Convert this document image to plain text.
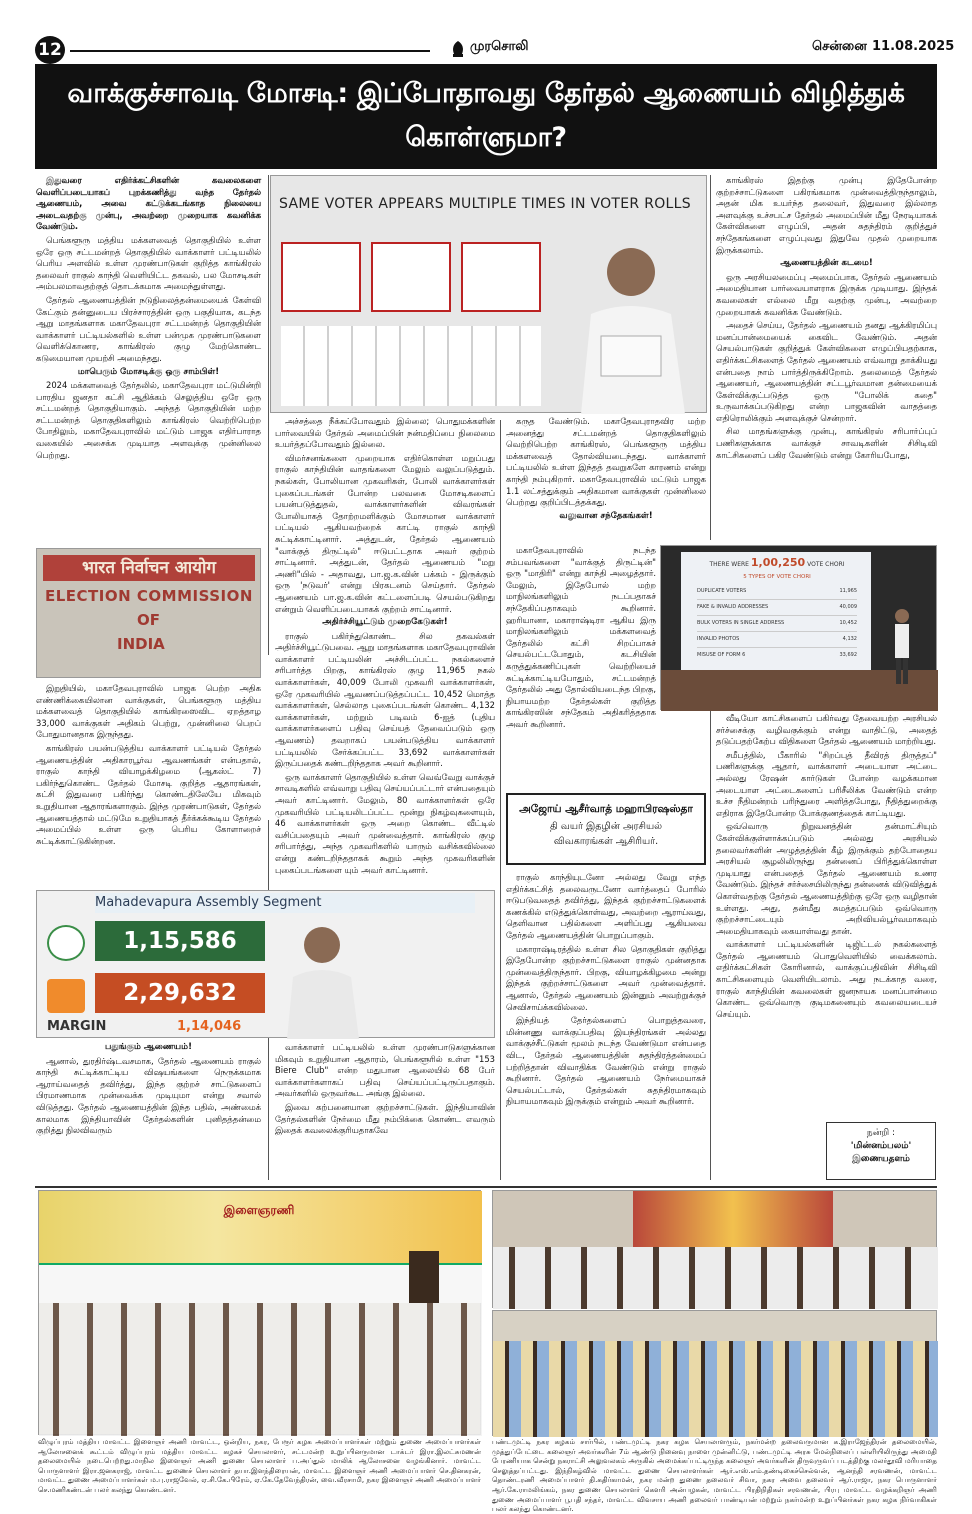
12	முரசொலி	சென்னை 11.08.2025
வாக்குச்சாவடி மோசடி: இப்போதாவது தேர்தல் ஆணையம் விழித்துக் கொள்ளுமா?

இதுவரை எதிர்க்கட்சிகளின் கவலைகளை வெளிப்படையாகப் புறக்கணித்து வந்த தேர்தல் ஆணையம், அவை கட்டுக்கடங்காத நிலையை அடைவதற்கு முன்பு, அவற்றை முறையாக கவனிக்க வேண்டும்.

பெங்களூரு மத்திய மக்களவைத் தொகுதியில் உள்ள ஒரே ஒரு சட்டமன்றத் தொகுதியில் வாக்காளர் பட்டியலில் பெரிய அளவில் உள்ள முரண்பாடுகள் குறித்த காங்கிரஸ் தலைவர் ராகுல் காந்தி வெளியிட்ட தகவல், பல மோசடிகள் அம்பலமாவதற்குத் தொடக்கமாக அமைந்துள்ளது.

தேர்தல் ஆணையத்தின் நடுநிலைத்தன்மையைக் கேள்வி கேட்கும் தன்னுடைய பிரச்சாரத்தின் ஒரு பகுதியாக, கடந்த ஆறு மாதங்களாக மகாதேவபுரா சட்டமன்றத் தொகுதியின் வாக்காளர் பட்டியல்களில் உள்ள பன்முக முரண்பாடுகளை வெளிக்கொணர, காங்கிரஸ் குழு மேற்கொண்ட கடுமையான முயற்சி அமைந்தது.

மாபெரும் மோசடிக்கு ஒரு சாம்பிள்!

2024 மக்களவைத் தேர்தலில், மகாதேவபுரா மட்டுமின்றி பாரதிய ஜனதா கட்சி ஆதிக்கம் செலுத்திய ஒரே ஒரு சட்டமன்றத் தொகுதியாகும். அந்தத் தொகுதியின் மற்ற சட்டமன்றத் தொகுதிகளிலும் காங்கிரஸ் வெற்றிபெற்ற போதிலும், மகாதேவபுராவில் மட்டும் பாஜக எதிர்பாராத வகையில் அசைக்க முடியாத அளவுக்கு முன்னிலை பெற்றது.

भारत निर्वाचन आयोग
ELECTION COMMISSION
OF
INDIA

இறுதியில், மகாதேவபுராவில் பாஜக பெற்ற அதிக எண்ணிக்கையிலான வாக்குகள், பெங்களூரு மத்திய மக்களவைத் தொகுதியில் காங்கிரஸைவிட ஏறத்தாழ 33,000 வாக்குகள் அதிகம் பெற்று, முன்னிலை பெறப் போதுமானதாக இருந்தது.

காங்கிரஸ் பயன்படுத்திய வாக்காளர் பட்டியல் தேர்தல் ஆணையத்தின் அதிகாரபூர்வ ஆவணங்கள் என்பதால், ராகுல் காந்தி வியாழக்கிழமை (ஆகஸ்ட் 7) பகிர்ந்துகொண்ட தேர்தல் மோசடி குறித்த ஆதாரங்கள், கட்சி இதுவரை பகிர்ந்து கொண்டதிலேயே மிகவும் உறுதியான ஆதாரங்களாகும். இந்த முரண்பாடுகள், தேர்தல் ஆணையத்தால் மட்டுமே உறுதியாகத் தீர்க்கக்கூடிய தேர்தல் அமைப்பில் உள்ள ஒரு பெரிய கோளாறைச் சுட்டிக்காட்டுகின்றன.

Mahadevapura Assembly Segment
1,15,586
2,29,632
MARGIN	1,14,046

பதுங்கும் ஆணையம்!

ஆனால், துரதிர்ஷ்டவசமாக, தேர்தல் ஆணையம் ராகுல் காந்தி சுட்டிக்காட்டிய விஷயங்களை நெருக்கமாக ஆராய்வதைத் தவிர்த்து, இந்த குற்றச் சாட்டுகளைப் பிரமாணமாக முன்வைக்க முடியுமா என்று சவால் விடுத்தது. தேர்தல் ஆணையத்தின் இந்த பதில், அண்மைக் காலமாக இந்தியாவின் தேர்தல்களின் புனிதத்தன்மை குறித்து நிலவிவரும்

SAME VOTER APPEARS MULTIPLE TIMES IN VOTER ROLLS

அச்சத்தை நீக்கப்போவதும் இல்லை; பொதுமக்களின் பார்வையில் தேர்தல் அமைப்பின் நன்மதிப்பை நிலைமை உயர்த்தப்போவதும் இல்லை.

விமர்சனங்களை முறையாக எதிர்கொள்ள மறுப்பது ராகுல் காந்தியின் வாதங்களை மேலும் வலுப்படுத்தும். நகல்கள், போலியான முகவரிகள், போலி வாக்காளர்கள் புகைப்படங்கள் போன்ற பலவகை மோசடிகளைப் பயன்படுத்துதல், வாக்காளர்களின் விவரங்கள் போலியாகத் தோற்றமளிக்கும் மோசமான வாக்காளர் பட்டியல் ஆகியவற்றைக் காட்டி ராகுல் காந்தி சுட்டிக்காட்டினார். அத்துடன், தேர்தல் ஆணையம் "வாக்குத் திருட்டில்" ஈடுபட்டதாக அவர் குற்றம் சாட்டினார். அத்துடன், தேர்தல் ஆணையம் "மறு அணி"யில் - அதாவது, பா.ஜ.க.வின் பக்கம் - இருக்கும் ஒரு 'நடுவர்' என்று பிரகடனம் செய்தார். தேர்தல் ஆணையம் பா.ஜ.க.வின் கட்டளைப்படி செயல்படுகிறது என்றும் வெளிப்படையாகக் குற்றம் சாட்டினார்.

அதிர்ச்சியூட்டும் முறைகேடுகள்!

ராகுல் பகிர்ந்துகொண்ட சில தகவல்கள் அதிர்ச்சியூட்டுபவை. ஆறு மாதங்களாக மகாதேவபுராவின் வாக்காளர் பட்டியலின் அச்சிடப்பட்ட நகல்களைச் சரிபார்த்த பிறகு, காங்கிரஸ் குழு 11,965 நகல் வாக்காளர்கள், 40,009 போலி முகவரி வாக்காளர்கள், ஒரே முகவரியில் ஆவணப்படுத்தப்பட்ட 10,452 மொத்த வாக்காளர்கள், செல்லாத புகைப்படங்கள் கொண்ட 4,132 வாக்காளர்கள், மற்றும் படிவம் 6-ஐத் (புதிய வாக்காளர்களைப் பதிவு செய்யத் தேவைப்படும் ஒரு ஆவணம்) தவறாகப் பயன்படுத்திய வாக்காளர் பட்டியலில் சேர்க்கப்பட்ட 33,692 வாக்காளர்கள் இருப்பதைக் கண்டறிந்ததாக அவர் கூறினார்.

ஒரு வாக்காளர் தொகுதியில் உள்ள வெவ்வேறு வாக்குச் சாவடிகளில் எவ்வாறு பதிவு செய்யப்பட்டார் என்பதையும் அவர் காட்டினார். மேலும், 80 வாக்காளர்கள் ஒரே முகவரியில் பட்டியலிடப்பட்ட மூன்று நிகழ்வுகளையும், 46 வாக்காளர்கள் ஒரு அறை கொண்ட வீட்டில் வசிப்பதையும் அவர் முன்வைத்தார். காங்கிரஸ் குழு சரிபார்த்து, அந்த முகவரிகளில் யாரும் வசிக்கவில்லை என்று கண்டறிந்ததாகக் கூறும் அந்த முகவரிகளின் புகைப்படங்களை யும் அவர் காட்டினார்.

வாக்காளர் பட்டியலில் உள்ள முரண்பாடுகளுக்கான மிகவும் உறுதியான ஆதாரம், பெங்களூரில் உள்ள "153 Biere Club" என்ற மதுபான ஆலையில் 68 பேர் வாக்காளர்களாகப் பதிவு செய்யப்பட்டிருப்பதாகும். அவர்களில் ஒருவர்கூட அங்கு இல்லை.

இவை கற்பனையான குற்றச்சாட்டுகள். இந்தியாவின் தேர்தல்களின் நேர்மை மீது நம்பிக்கை கொண்ட எவரும் இதைக் கவலைக்குரியதாகவே

கருத வேண்டும். மகாதேவபுராதவிர மற்ற அனைத்து சட்டமன்றத் தொகுதிகளிலும் வெற்றிபெற்ற காங்கிரஸ், பெங்களூரு மத்திய மக்களவைத் தோல்வியடைந்தது. வாக்காளர் பட்டியலில் உள்ள இந்தத் தவறுகளே காரணம் என்று காந்தி நம்புகிறார். மகாதேவபுராவில் மட்டும் பாஜக 1.1 லட்சத்துக்கும் அதிகமான வாக்குகள் முன்னிலை பெற்றது குறிப்பிடத்தக்கது.

வலுவான சந்தேகங்கள்!

மகாதேவபுராவில் நடந்த சம்பவங்களை "வாக்குத் திருட்டின்" ஒரு "மாதிரி" என்று காந்தி அழைத்தார். மேலும், இதேபோல் மற்ற மாநிலங்களிலும் நடப்பதாகச் சந்தேகிப்பதாகவும் கூறினார். ஹரியானா, மகாராஷ்டிரா ஆகிய இரு மாநிலங்களிலும் மக்களவைத் தேர்தலில் கட்சி சிறப்பாகச் செயல்பட்டபோதும், கடசியின் கருத்துக்கணிப்புகள் வெற்றியைச் சுட்டிக்காட்டியபோதும், சட்டமன்றத் தேர்தலில் அது தோல்வியடைந்த பிறகு, நியாயமற்ற தேர்தல்கள் குறித்த காங்கிரஸின் சந்தேகம் அதிகரித்ததாக அவர் கூறினார்.

THERE WERE 1,00,250 VOTE CHORI
5 TYPES OF VOTE CHORI
DUPLICATE VOTERS	11,965
FAKE & INVALID ADDRESSES	40,009
BULK VOTERS IN SINGLE ADDRESS	10,452
INVALID PHOTOS	4,132
MISUSE OF FORM 6	33,692
அஜோய் ஆசீர்வாத் மஹாபிரஷஸ்தா
தி வயர் இதழின் அரசியல்
விவகாரங்கள் ஆசிரியர்.

ராகுல் காந்தியுடனோ அல்லது வேறு எந்த எதிர்க்கட்சித் தலைவருடனோ வார்த்தைப் போரில் ஈடுபடுவதைத் தவிர்த்து, இந்தக் குற்றச்சாட்டுகளைக் கணக்கில் எடுத்துக்கொள்வது, அவற்றை ஆராய்வது, தெளிவான பதில்களை அளிப்பது ஆகியவை தேர்தல் ஆணையத்தின் பொறுப்பாகும்.

மகாராஷ்டிரத்தில் உள்ள சில தொகுதிகள் குறித்து இதேபோன்ற குற்றச்சாட்டுகளை ராகுல் முன்னதாக முன்வைத்திருந்தார். பிறகு, வியாழக்கிழமை அன்று இந்தக் குற்றச்சாட்டுகளை அவர் முன்வைத்தார். ஆனால், தேர்தல் ஆணையம் இன்னும் அவற்றுக்குச் செவிசாய்க்கவில்லை.

இந்தியத் தேர்தல்களைப் பொறுத்தவரை, மின்னணு வாக்குப்பதிவு இயந்திரங்கள் அல்லது வாக்குச்சீட்டுகள் மூலம் நடந்த வேண்டுமா என்பதை விட, தேர்தல் ஆணையத்தின் சுதந்திரத்தன்மைப் பற்றித்தான் விவாதிக்க வேண்டும் என்று ராகுல் கூறினார். தேர்தல் ஆணையம் நேர்மையாகச் செயல்பட்டால், தேர்தல்கள் சுதந்திரமாகவும் நியாயமாகவும் இருக்கும் என்றும் அவர் கூறினார்.

காங்கிரஸ் இதற்கு முன்பு இதேபோன்ற குற்றச்சாட்டுகளை பகிரங்கமாக முன்வைத்திருந்தாலும், அதன் மிக உயர்ந்த தலைவர், இதுவரை இல்லாத அளவுக்கு உச்சபட்ச தேர்தல் அமைப்பின் மீது நேரடியாகக் கேள்விகளை எழுப்பி, அதன் சுதந்திரம் குறித்துச் சந்தேகங்களை எழுப்புவது இதுவே முதல் முறையாக இருக்கலாம்.

ஆணையத்தின் கடமை!

ஒரு அரசியலமைப்பு அமைப்பாக, தேர்தல் ஆணையம் அமைதியான பார்வையாளராக இருக்க முடியாது. இந்தக் கவலைகள் எல்லை மீறு வதற்கு முன்பு, அவற்றை முறையாகக் கவனிக்க வேண்டும்.

அதைச் செய்ய, தேர்தல் ஆணையம் தனது ஆக்கிரமிப்பு மனப்பான்மையைக் கைவிட வேண்டும். அதன் செயல்பாடுகள் குறித்துக் கேள்விகளை எழுப்பியதற்காக, எதிர்க்கட்சிகளைத் தேர்தல் ஆணையம் எவ்வாறு தாக்கியது என்பதை நாம் பார்த்திருக்கிறோம். தலைமைத் தேர்தல் ஆணையர், ஆணையத்தின் சட்டபூர்வமான தன்மையைக் கேள்விக்குட்படுத்த ஒரு "போலிக் கதை" உருவாக்கப்படுகிறது என்ற பாஜகவின் வாதத்தை எதிரொலிக்கும் அளவுக்குச் சென்றார்.

சில மாதங்களுக்கு முன்பு, காங்கிரஸ் சரிபார்ப்புப் பணிகளுக்காக வாக்குச் சாவடிகளின் சிசிடிவி காட்சிகளைப் பகிர வேண்டும் என்று கோரியபோது,

வீடியோ காட்சிகளைப் பகிர்வது தேவையற்ற அரசியல் சர்ச்சைக்கு வழிவகுக்கும் என்று வாதிட்டு, அதைத் தடுப்பதற்கேற்ப விதிகளை தேர்தல் ஆணையம் மாற்றியது.

சமீபத்தில், பீகாரில் "சிறப்புத் தீவிரத் திருத்தப்" பணிகளுக்கு ஆதார், வாக்காளர் அடையாள அட்டை அல்லது ரேஷன் கார்டுகள் போன்ற வழக்கமான அடையாள அட்டைகளைப் பரிசீலிக்க வேண்டும் என்ற உச்ச நீதிமன்றம் பரிந்துரை அளித்தபோது, நீதித்துறைக்கு எதிராக இதேபோன்ற போக்குணத்தைக் காட்டியது.

ஒவ்வொரு நிறுவனத்தின் தன்மாட்சியும் கேள்விக்குள்ளாக்கப்படும் அல்லது அரசியல் தலைவர்களின் அழுத்தத்தின் கீழ் இருக்கும் தற்போதைய அரசியல் சூழலிலிருந்து தன்னைப் பிரித்துக்கொள்ள முடியாது என்பதைத் தேர்தல் ஆணையம் உணர வேண்டும். இந்தச் சர்ச்சையிலிருந்து தன்னைக் விடுவித்துக் கொள்வதற்கு தேர்தல் ஆணையத்திற்கு ஒரே ஒரு வழிதான் உள்ளது. அது, தன்மீது சுமத்தப்படும் ஒவ்வொரு குற்றச்சாட்டையும் அறிவியல்பூர்வமாகவும் அமைதியாகவும் கையாள்வது தான்.

வாக்காளர் பட்டியல்களின் டிஜிட்டல் நகல்களைத் தேர்தல் ஆணையம் பொதுவெளியில் வைக்கலாம். எதிர்க்கட்சிகள் கோரினால், வாக்குப்பதிவின் சிசிடிவி காட்சிகளையும் வெளியிடலாம். அது நடக்காத வரை, ராகுல் காந்தியின் கவலைகள் ஜனநாயக மனப்பான்மை கொண்ட ஒவ்வொரு குடிமகனையும் கவலையடையச் செய்யும்.

நன்றி :
'மின்னம்பலம்'
இணையதளம்
இளைஞரணி
விழுப்புரம் மத்திய மாவட்ட இளைஞர் அணி மாவட்ட, ஒன்றிய, நகர, பேரூர் கழக அமைப்பாளர்கள் மற்றும் துணை அமைப்பாளர்கள் ஆலோசனைக் கூட்டம் விழுப்புரம் மத்திய மாவட்ட கழகச் செயலாளர், சட்டமன்ற உறுப்பினருமான டாக்டர் இரா.இலட்சுமணன் தலைமையில் நடைபெற்றது.மாநில இளைஞர் அணி துணை செயலாளர் ப.அப்துல் மாலிக் ஆலோசனை வழங்கினார். மாவட்ட பொருளாளர் இரா.ஜனகராஜ், மாவட்ட துணைச் செயலாளர் தயா.இளந்திரையன், மாவட்ட இளைஞர் அணி அமைப்பாளர் செ.தினகரன், மாவட்ட துணை அமைப்பாளர்கள் ம.பு.ராஜவேல், ஏ.சி.கே.பிரேம், ஏ.கே.தேவேந்திரன், வை.வீரசாமி, நகர இளைஞர் அணி அமைப்பாளர் செ.மணிகண்டன் பலர் கலந்து கொண்டனர்.
பண்டமுட்டி நகர கழகம் சார்பில், பண்டமுட்டி நகர கழக செயலாளரும், நகர்மன்ற தலைவருமான க.இராஜேந்திரன் தலைமையில், முத்துப்பேட்டை கலைஞர் அவர்களின் 7ம் ஆண்டு நினைவு நாளை முன்னிட்டு, பண்டமுட்டி அரசு மேல்நிலைப் பள்ளியிலிருந்து அமைதி பேரணியாக சென்று நகராட்சி அலுவலகம் அருகில் அமைக்கப்பட்டிருந்த கலைஞர் அவர்களின் திருவுருவப் படத்திற்கு மலர்தூவி மரியாதை செலுத்தப்பட்டது. இந்நிகழ்வில் மாவட்ட துணை செயலாளர்கள் ஆர்.எஸ்.எம்.தண்டிகைச்செல்வன், ஆனந்தி சரவணன், மாவட்ட தொண்டரணி அமைப்பாளர் தி.கதிர்காமன், நகர மன்ற துணை தலைவர் சிவா, நகர அவை தலைவர் ஆர்.ராஜா, நகர பொருளாளர் ஆர்.கே.ராமலிங்கம், நகர துணை செயலாளர் கௌரி அன்பழகன், மாவட்ட பிரதிநிதிகள் சரவணன், பிரபு மாவட்ட வழக்கறிஞர் அணி துணை அமைப்பாளர் பூபதி சந்தர், மாவட்ட விவசாய அணி தலைவர் பாண்டியன் மற்றும் நகர்மன்ற உறுப்பினர்கள் நகர கழக நிர்வாகிகள் பலர் கலந்து கொண்டனர்.
